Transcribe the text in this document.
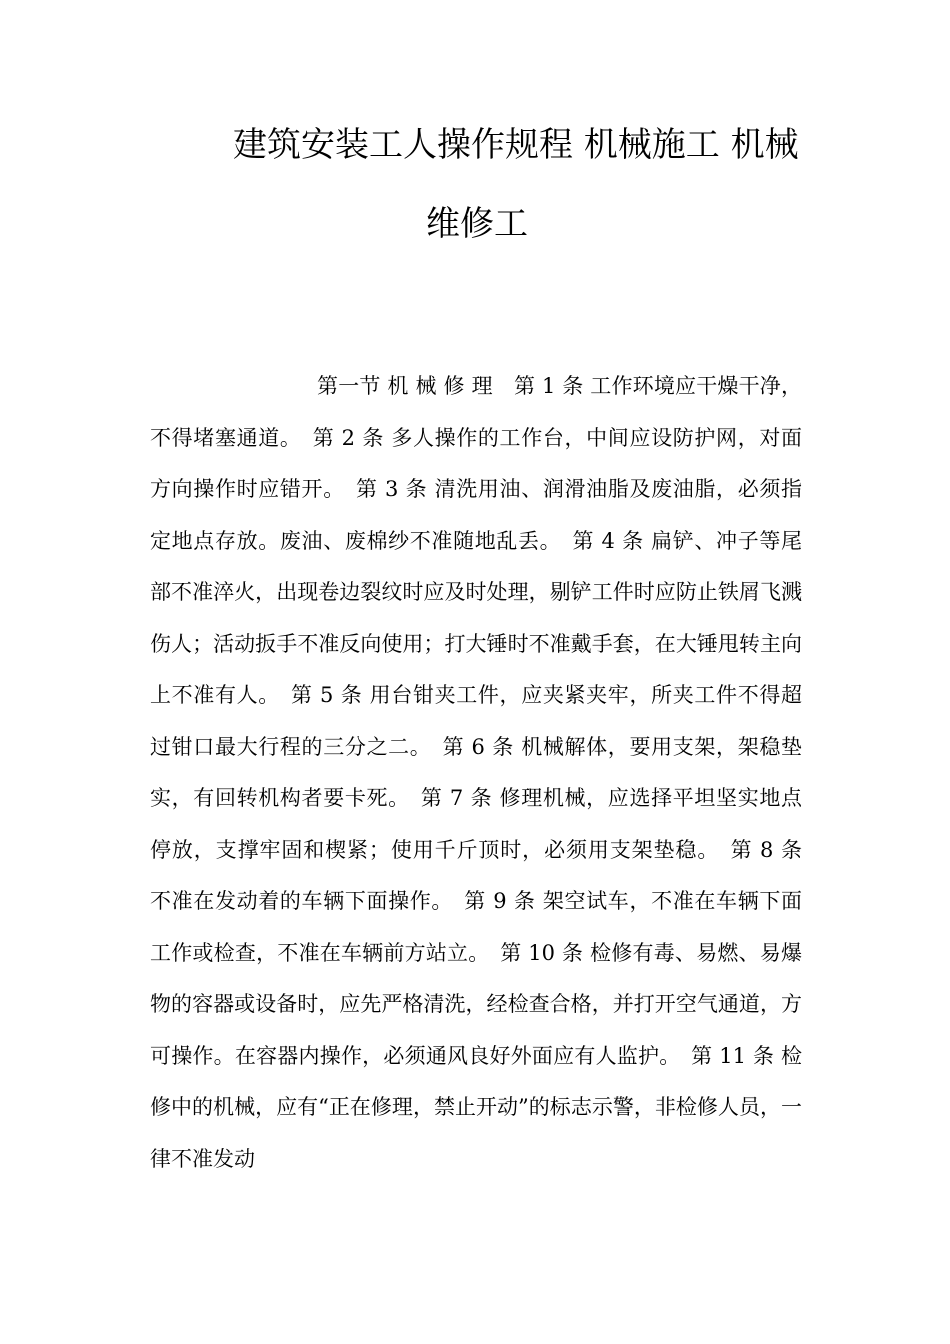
建筑安装工人操作规程 机械施工 机械
维修工

第一节 机 械 修 理　第 1 条 工作环境应干燥干净，不得堵塞通道。　第 2 条 多人操作的工作台，中间应设防护网，对面方向操作时应错开。　第 3 条 清洗用油、润滑油脂及废油脂，必须指定地点存放。废油、废棉纱不准随地乱丢。　第 4 条 扁铲、冲子等尾部不准淬火，出现卷边裂纹时应及时处理，剔铲工件时应防止铁屑飞溅伤人；活动扳手不准反向使用；打大锤时不准戴手套，在大锤甩转主向上不准有人。　第 5 条 用台钳夹工件，应夹紧夹牢，所夹工件不得超过钳口最大行程的三分之二。　第 6 条 机械解体，要用支架，架稳垫实，有回转机构者要卡死。　第 7 条 修理机械，应选择平坦坚实地点停放，支撑牢固和楔紧；使用千斤顶时，必须用支架垫稳。　第 8 条 不准在发动着的车辆下面操作。　第 9 条 架空试车，不准在车辆下面工作或检查，不准在车辆前方站立。　第 10 条 检修有毒、易燃、易爆物的容器或设备时，应先严格清洗，经检查合格，并打开空气通道，方可操作。在容器内操作，必须通风良好外面应有人监护。　第 11 条 检修中的机械，应有“正在修理，禁止开动”的标志示警，非检修人员，一律不准发动
